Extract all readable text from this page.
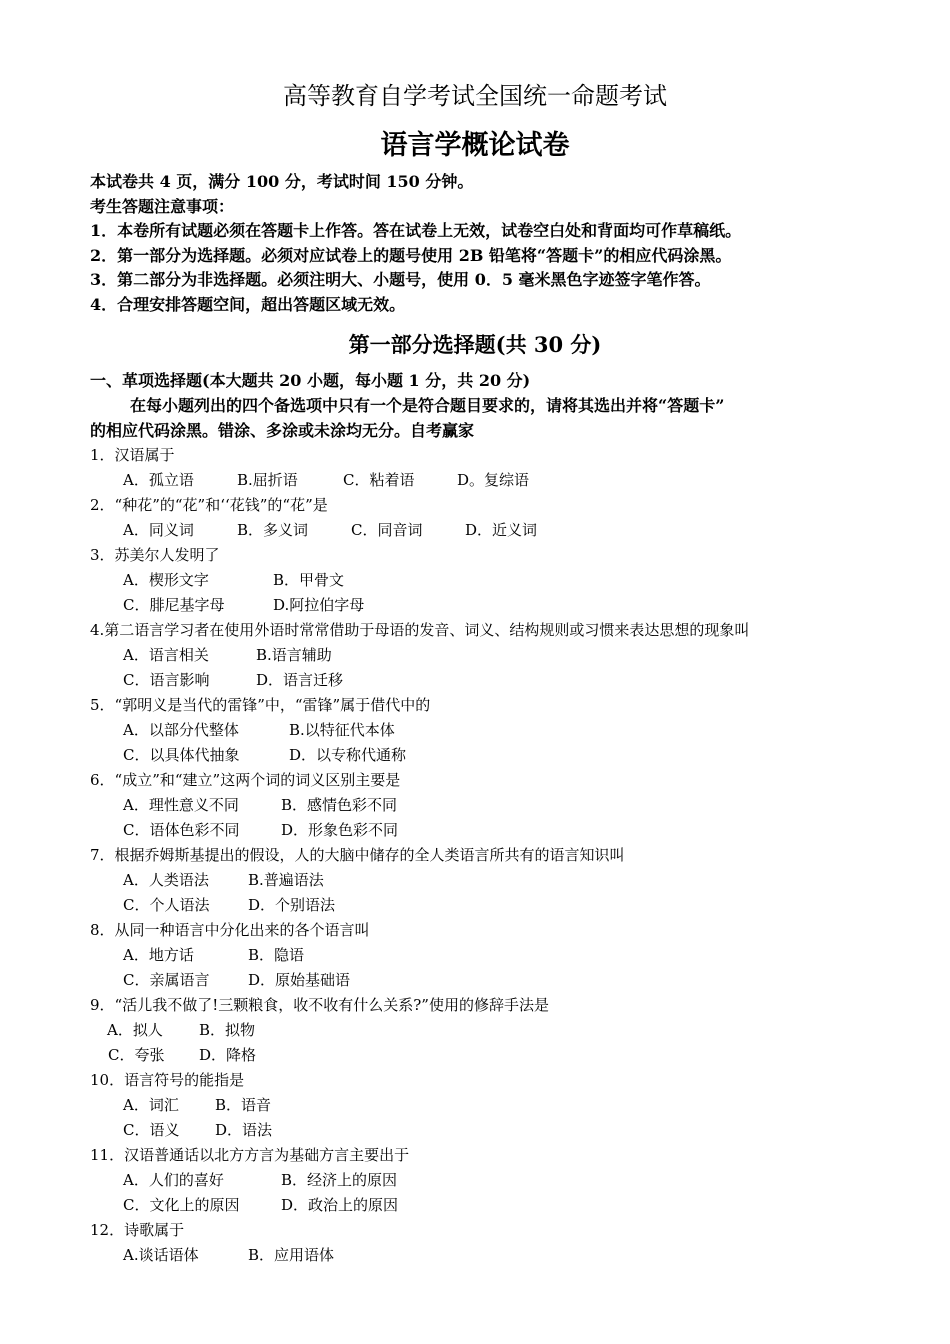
高等教育自学考试全国统一命题考试
语言学概论试卷
本试卷共 4 页，满分 100 分，考试时间 150 分钟。
考生答题注意事项：
1．本卷所有试题必须在答题卡上作答。答在试卷上无效，试卷空白处和背面均可作草稿纸。
2．第一部分为选择题。必须对应试卷上的题号使用 2B 铅笔将“答题卡”的相应代码涂黑。
3．第二部分为非选择题。必须注明大、小题号，使用 0．5 毫米黑色字迹签字笔作答。
4．合理安排答题空间，超出答题区域无效。
第一部分选择题(共 30 分)
一、革项选择题(本大题共 20 小题，每小题 1 分，共 20 分)
在每小题列出的四个备选项中只有一个是符合题目要求的，请将其选出并将“答题卡”
的相应代码涂黑。错涂、多涂或未涂均无分。自考赢家
1．汉语属于
A．孤立语	B.屈折语	C．粘着语	D。复综语
2．“种花”的“花”和‘‘花钱”的“花”是
A．同义词	B．多义词	C．同音词	D．近义词
3．苏美尔人发明了
A．楔形文字	B．甲骨文
C．腓尼基字母	D.阿拉伯字母
4.第二语言学习者在使用外语时常常借助于母语的发音、词义、结构规则或习惯来表达思想的现象叫
A．语言相关	B.语言辅助
C．语言影响	D．语言迁移
5．“郭明义是当代的雷锋”中，“雷锋”属于借代中的
A．以部分代整体	B.以特征代本体
C．以具体代抽象	D．以专称代通称
6．“成立”和“建立”这两个词的词义区别主要是
A．理性意义不同	B．感情色彩不同
C．语体色彩不同	D．形象色彩不同
7．根据乔姆斯基提出的假设，人的大脑中储存的全人类语言所共有的语言知识叫
A．人类语法	B.普遍语法
C．个人语法	D．个别语法
8．从同一种语言中分化出来的各个语言叫
A．地方话	B．隐语
C．亲属语言	D．原始基础语
9．“活儿我不做了!三颗粮食，收不收有什么关系?”使用的修辞手法是
A．拟人 B．拟物
C．夸张 D．降格
10．语言符号的能指是
A．词汇 B．语音
C．语义 D．语法
11．汉语普通话以北方方言为基础方言主要出于
A．人们的喜好	B．经济上的原因
C．文化上的原因	D．政治上的原因
12．诗歌属于
A.谈话语体	B．应用语体
